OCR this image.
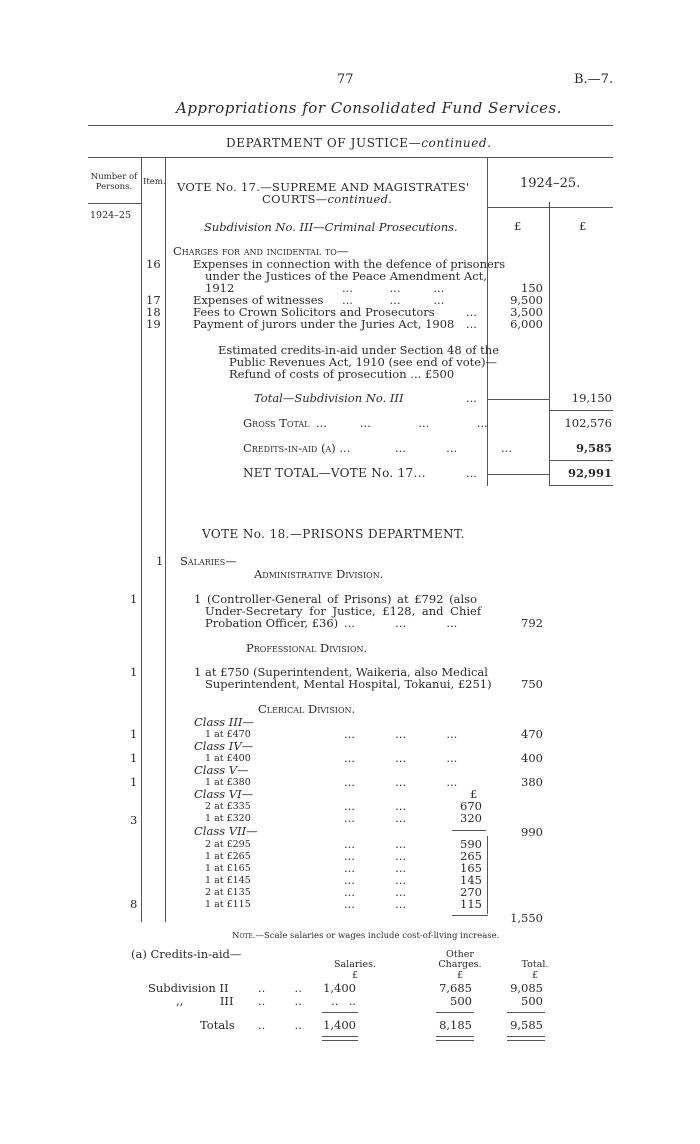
77	B.—7.
Appropriations for Consolidated Fund Services.
DEPARTMENT OF JUSTICE—continued.
Number of Persons.	Item.
1924–25
1924–25.
£	£
VOTE No. 17.—SUPREME AND MAGISTRATES'
COURTS—continued.
Subdivision No. III—Criminal Prosecutions.
Charges for and incidental to—
16	Expenses in connection with the defence of prisoners
under the Justices of the Peace Amendment Act,
1912	...          ...         ...	150
17	Expenses of witnesses ...          ...         ...	9,500
18	Fees to Crown Solicitors and Prosecutors	...	3,500
19	Payment of jurors under the Juries Act, 1908 ...	6,000
Estimated credits-in-aid under Section 48 of the
Public Revenues Act, 1910 (see end of vote)—
Refund of costs of prosecution ... £500
Total—Subdivision No. III	...	19,150
Gross Total ...         ...             ...             ...	102,576
Credits-in-aid (a) ...	...           ...            ...	9,585
NET TOTAL—VOTE No. 17...	...	92,991
VOTE No. 18.—PRISONS DEPARTMENT.
1 Salaries—
Administrative Division.
1	1 (Controller-General of Prisons) at £792 (also
Under-Secretary for Justice, £128, and Chief
Probation Officer, £36) ...           ...           ...	792
Professional Division.
1	1 at £750 (Superintendent, Waikeria, also Medical
Superintendent, Mental Hospital, Tokanui, £251)	750
Clerical Division.
Class III—
1	1 at £470	...           ...           ...	470
Class IV—
1	1 at £400	...           ...           ...	400
Class V—
1	1 at £380	...           ...           ...	380
Class VI—	£
2 at £335	...           ...	670
3	1 at £320	...           ...	320
990
Class VII—
2 at £295	...           ...	590
1 at £265	...           ...	265
1 at £165	...           ...	165
1 at £145	...           ...	145
2 at £135	...           ...	270
8	1 at £115	...           ...	115
1,550
Note.—Scale salaries or wages include cost-of-living increase.
(a) Credits-in-aid—
Salaries.
Other
Charges.	Total.
£	£	£
Subdivision II	..        .. 1,400	7,685	9,085
,,          III ..        ..        .. ..	500	500
Totals ..        .. 1,400	8,185	9,585
